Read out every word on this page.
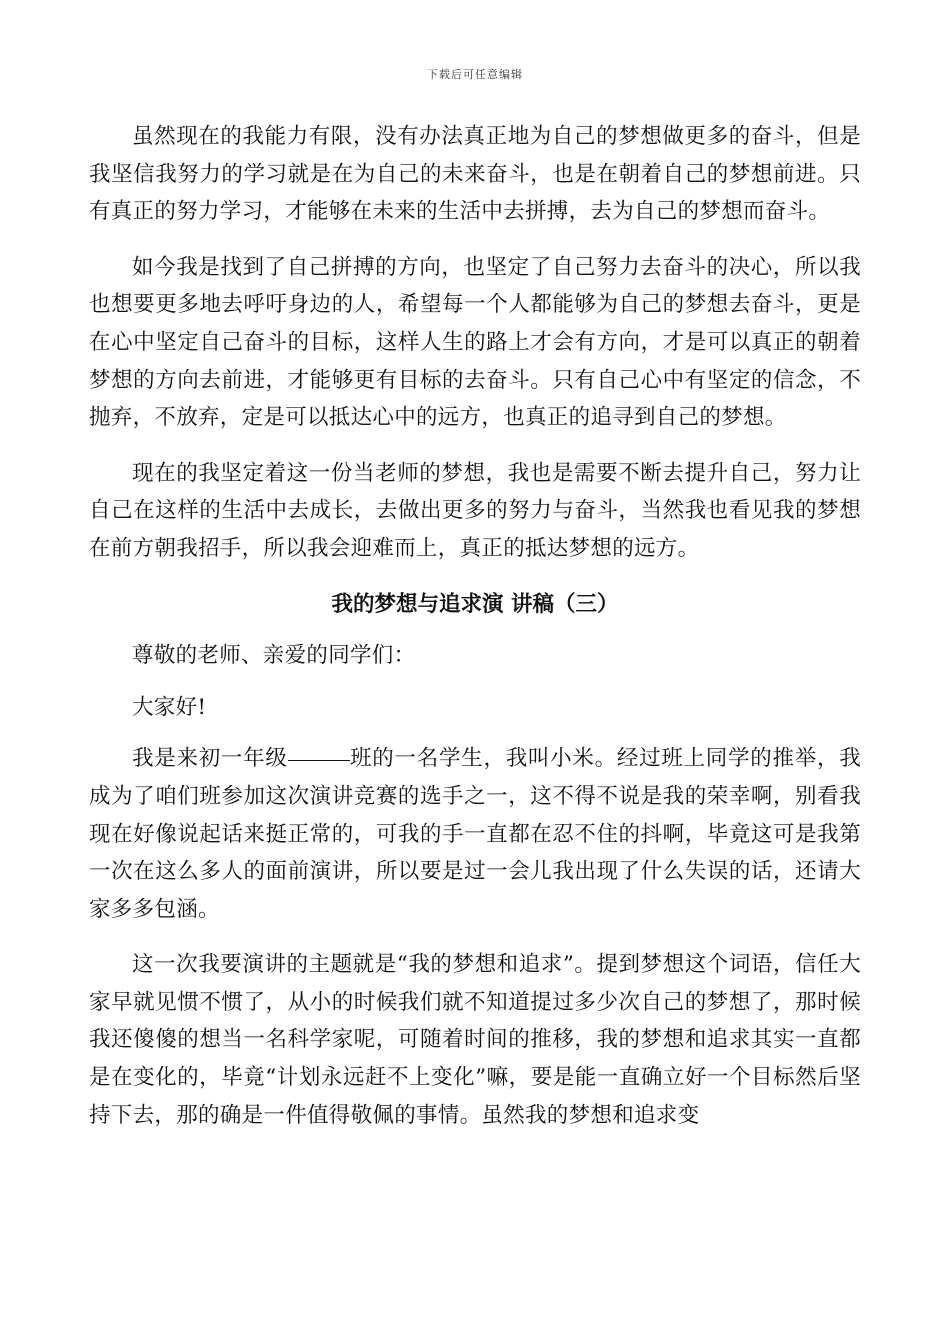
下载后可任意编辑

虽然现在的我能力有限，没有办法真正地为自己的梦想做更多的奋斗，但是我坚信我努力的学习就是在为自己的未来奋斗，也是在朝着自己的梦想前进。只有真正的努力学习，才能够在未来的生活中去拼搏，去为自己的梦想而奋斗。

如今我是找到了自己拼搏的方向，也坚定了自己努力去奋斗的决心，所以我也想要更多地去呼吁身边的人，希望每一个人都能够为自己的梦想去奋斗，更是在心中坚定自己奋斗的目标，这样人生的路上才会有方向，才是可以真正的朝着梦想的方向去前进，才能够更有目标的去奋斗。只有自己心中有坚定的信念，不抛弃，不放弃，定是可以抵达心中的远方，也真正的追寻到自己的梦想。

现在的我坚定着这一份当老师的梦想，我也是需要不断去提升自己，努力让自己在这样的生活中去成长，去做出更多的努力与奋斗，当然我也看见我的梦想在前方朝我招手，所以我会迎难而上，真正的抵达梦想的远方。

我的梦想与追求演 讲稿（三）

尊敬的老师、亲爱的同学们：

大家好!

我是来初一年级	班的一名学生，我叫小米。经过班上同学的推举，我成为了咱们班参加这次演讲竞赛的选手之一，这不得不说是我的荣幸啊，别看我现在好像说起话来挺正常的，可我的手一直都在忍不住的抖啊，毕竟这可是我第一次在这么多人的面前演讲，所以要是过一会儿我出现了什么失误的话，还请大家多多包涵。

这一次我要演讲的主题就是“我的梦想和追求”。提到梦想这个词语，信任大家早就见惯不惯了，从小的时候我们就不知道提过多少次自己的梦想了，那时候我还傻傻的想当一名科学家呢，可随着时间的推移，我的梦想和追求其实一直都是在变化的，毕竟“计划永远赶不上变化”嘛，要是能一直确立好一个目标然后坚持下去，那的确是一件值得敬佩的事情。虽然我的梦想和追求变
